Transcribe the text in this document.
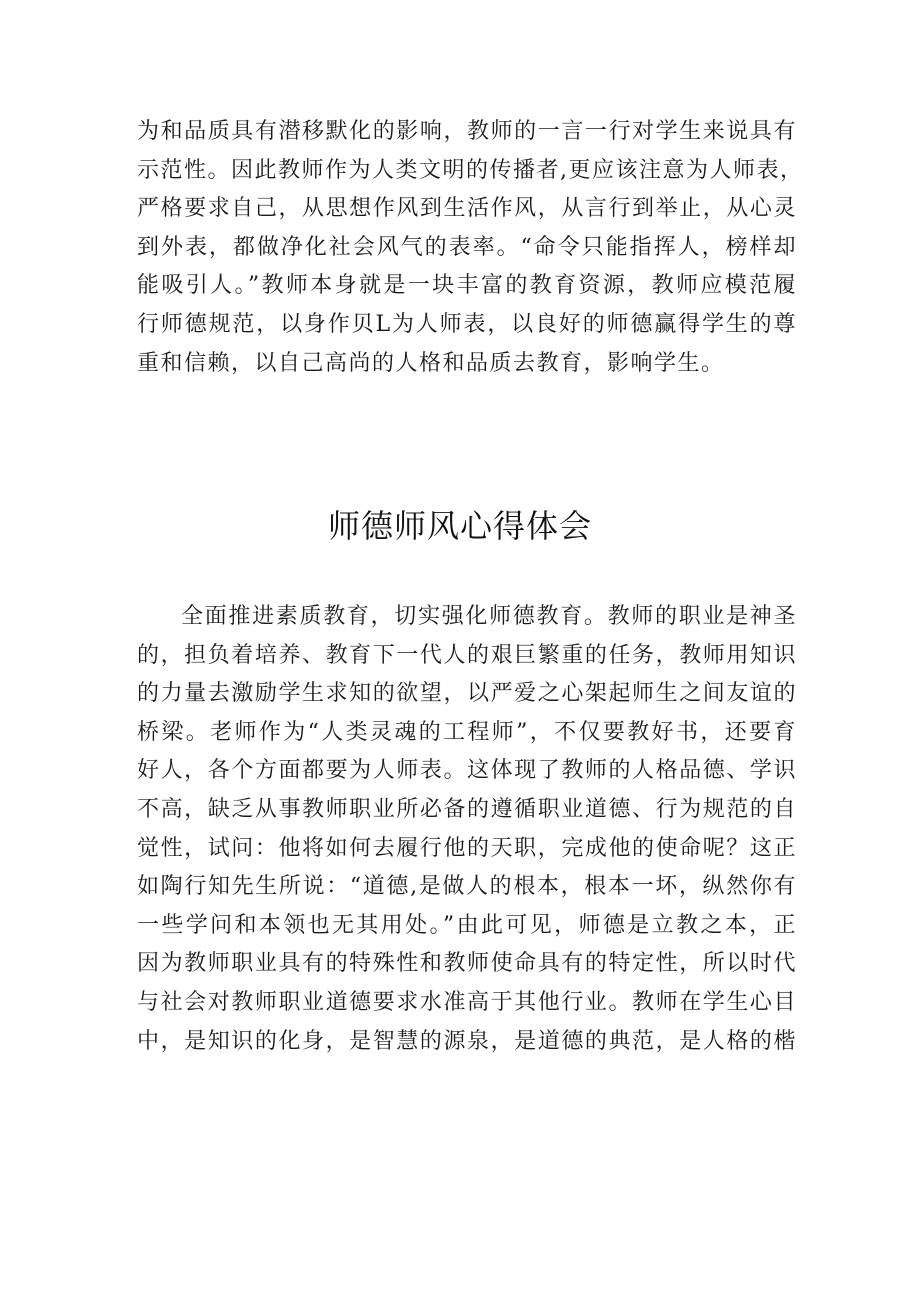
为和品质具有潜移默化的影响，教师的一言一行对学生来说具有
示范性。因此教师作为人类文明的传播者,更应该注意为人师表，
严格要求自己，从思想作风到生活作风，从言行到举止，从心灵
到外表，都做净化社会风气的表率。“命令只能指挥人，榜样却
能吸引人。”教师本身就是一块丰富的教育资源，教师应模范履
行师德规范，以身作贝L为人师表，以良好的师德赢得学生的尊
重和信赖，以自己高尚的人格和品质去教育，影响学生。
师德师风心得体会
全面推进素质教育，切实强化师德教育。教师的职业是神圣
的，担负着培养、教育下一代人的艰巨繁重的任务，教师用知识
的力量去激励学生求知的欲望，以严爱之心架起师生之间友谊的
桥梁。老师作为“人类灵魂的工程师”，不仅要教好书，还要育
好人，各个方面都要为人师表。这体现了教师的人格品德、学识
不高，缺乏从事教师职业所必备的遵循职业道德、行为规范的自
觉性，试问：他将如何去履行他的天职，完成他的使命呢？这正
如陶行知先生所说：“道德,是做人的根本，根本一坏，纵然你有
一些学问和本领也无其用处。”由此可见，师德是立教之本，正
因为教师职业具有的特殊性和教师使命具有的特定性，所以时代
与社会对教师职业道德要求水准高于其他行业。教师在学生心目
中，是知识的化身，是智慧的源泉，是道德的典范，是人格的楷
